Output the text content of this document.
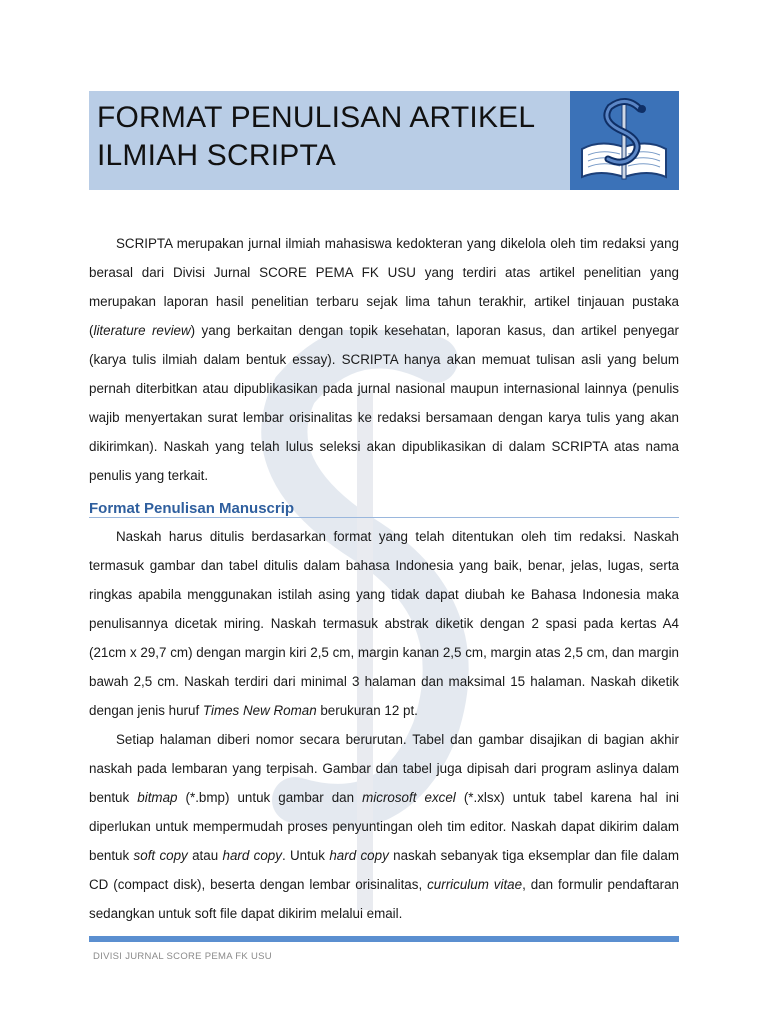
FORMAT PENULISAN ARTIKEL
ILMIAH SCRIPTA

SCRIPTA merupakan jurnal ilmiah mahasiswa kedokteran yang dikelola oleh tim redaksi yang berasal dari Divisi Jurnal SCORE PEMA FK USU yang terdiri atas artikel penelitian yang merupakan laporan hasil penelitian terbaru sejak lima tahun terakhir, artikel tinjauan pustaka (literature review) yang berkaitan dengan topik kesehatan, laporan kasus, dan artikel penyegar (karya tulis ilmiah dalam bentuk essay). SCRIPTA hanya akan memuat tulisan asli yang belum pernah diterbitkan atau dipublikasikan pada jurnal nasional maupun internasional lainnya (penulis wajib menyertakan surat lembar orisinalitas ke redaksi bersamaan dengan karya tulis yang akan dikirimkan). Naskah yang telah lulus seleksi akan dipublikasikan di dalam SCRIPTA atas nama penulis yang terkait.

Format Penulisan Manuscrip

Naskah harus ditulis berdasarkan format yang telah ditentukan oleh tim redaksi. Naskah termasuk gambar dan tabel ditulis dalam bahasa Indonesia yang baik, benar, jelas, lugas, serta ringkas apabila menggunakan istilah asing yang tidak dapat diubah ke Bahasa Indonesia maka penulisannya dicetak miring. Naskah termasuk abstrak diketik dengan 2 spasi pada kertas A4 (21cm x 29,7 cm) dengan margin kiri 2,5 cm, margin kanan 2,5 cm, margin atas 2,5 cm, dan margin bawah 2,5 cm. Naskah terdiri dari minimal 3 halaman dan maksimal 15 halaman. Naskah diketik dengan jenis huruf Times New Roman berukuran 12 pt.

Setiap halaman diberi nomor secara berurutan. Tabel dan gambar disajikan di bagian akhir naskah pada lembaran yang terpisah. Gambar dan tabel juga dipisah dari program aslinya dalam bentuk bitmap (*.bmp) untuk gambar dan microsoft excel (*.xlsx) untuk tabel karena hal ini diperlukan untuk mempermudah proses penyuntingan oleh tim editor. Naskah dapat dikirim dalam bentuk soft copy atau hard copy. Untuk hard copy naskah sebanyak tiga eksemplar dan file dalam CD (compact disk), beserta dengan lembar orisinalitas, curriculum vitae, dan formulir pendaftaran sedangkan untuk soft file dapat dikirim melalui email.

DIVISI JURNAL SCORE PEMA FK USU
